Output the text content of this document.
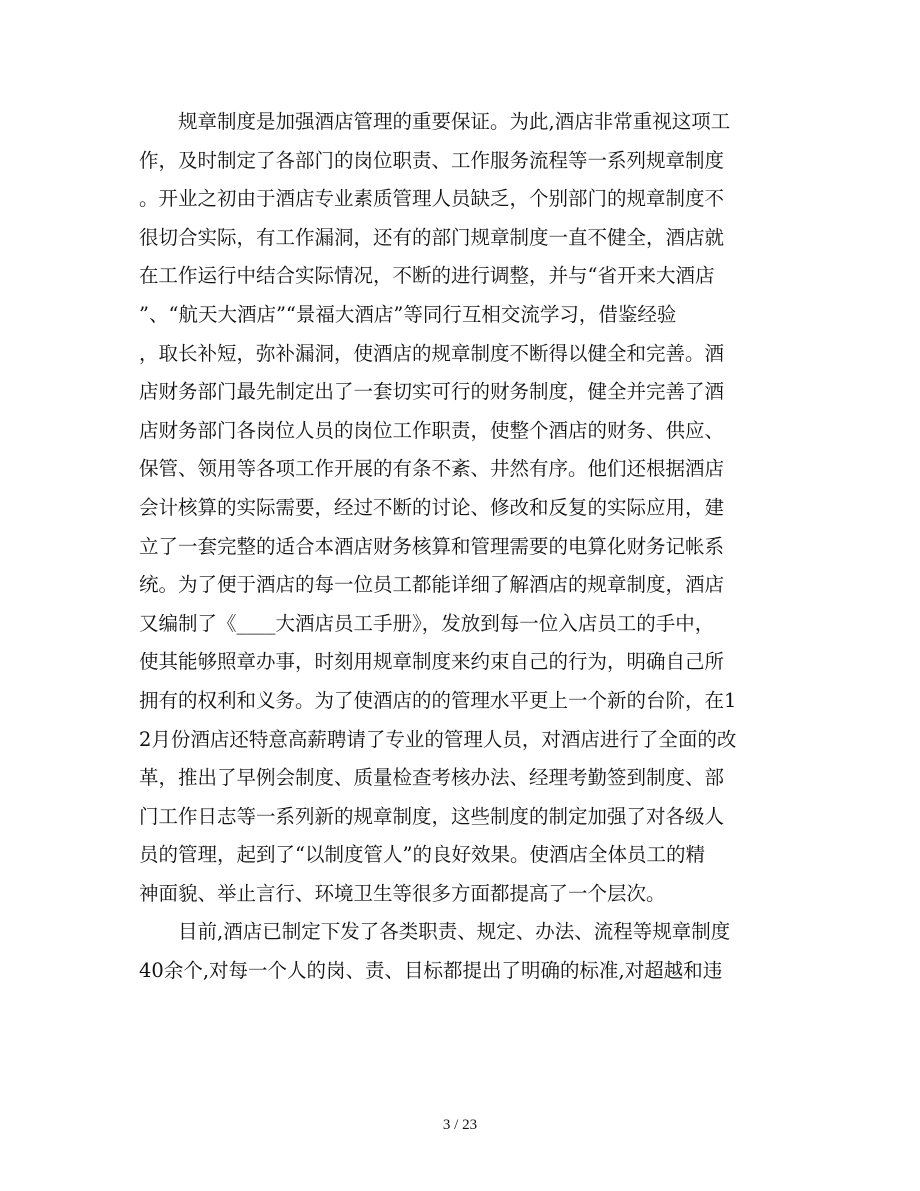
规章制度是加强酒店管理的重要保证。为此,酒店非常重视这项工
作，及时制定了各部门的岗位职责、工作服务流程等一系列规章制度
。开业之初由于酒店专业素质管理人员缺乏，个别部门的规章制度不
很切合实际，有工作漏洞，还有的部门规章制度一直不健全，酒店就
在工作运行中结合实际情况，不断的进行调整，并与“省开来大酒店
”、“航天大酒店”“景福大酒店”等同行互相交流学习，借鉴经验
，取长补短，弥补漏洞，使酒店的规章制度不断得以健全和完善。酒
店财务部门最先制定出了一套切实可行的财务制度，健全并完善了酒
店财务部门各岗位人员的岗位工作职责，使整个酒店的财务、供应、
保管、领用等各项工作开展的有条不紊、井然有序。他们还根据酒店
会计核算的实际需要，经过不断的讨论、修改和反复的实际应用，建
立了一套完整的适合本酒店财务核算和管理需要的电算化财务记帐系
统。为了便于酒店的每一位员工都能详细了解酒店的规章制度，酒店
又编制了《____大酒店员工手册》，发放到每一位入店员工的手中，
使其能够照章办事，时刻用规章制度来约束自己的行为，明确自己所
拥有的权利和义务。为了使酒店的的管理水平更上一个新的台阶，在1
2月份酒店还特意高薪聘请了专业的管理人员，对酒店进行了全面的改
革，推出了早例会制度、质量检查考核办法、经理考勤签到制度、部
门工作日志等一系列新的规章制度，这些制度的制定加强了对各级人
员的管理，起到了“以制度管人”的良好效果。使酒店全体员工的精
神面貌、举止言行、环境卫生等很多方面都提高了一个层次。
目前,酒店已制定下发了各类职责、规定、办法、流程等规章制度
40余个,对每一个人的岗、责、目标都提出了明确的标准,对超越和违
3 / 23
